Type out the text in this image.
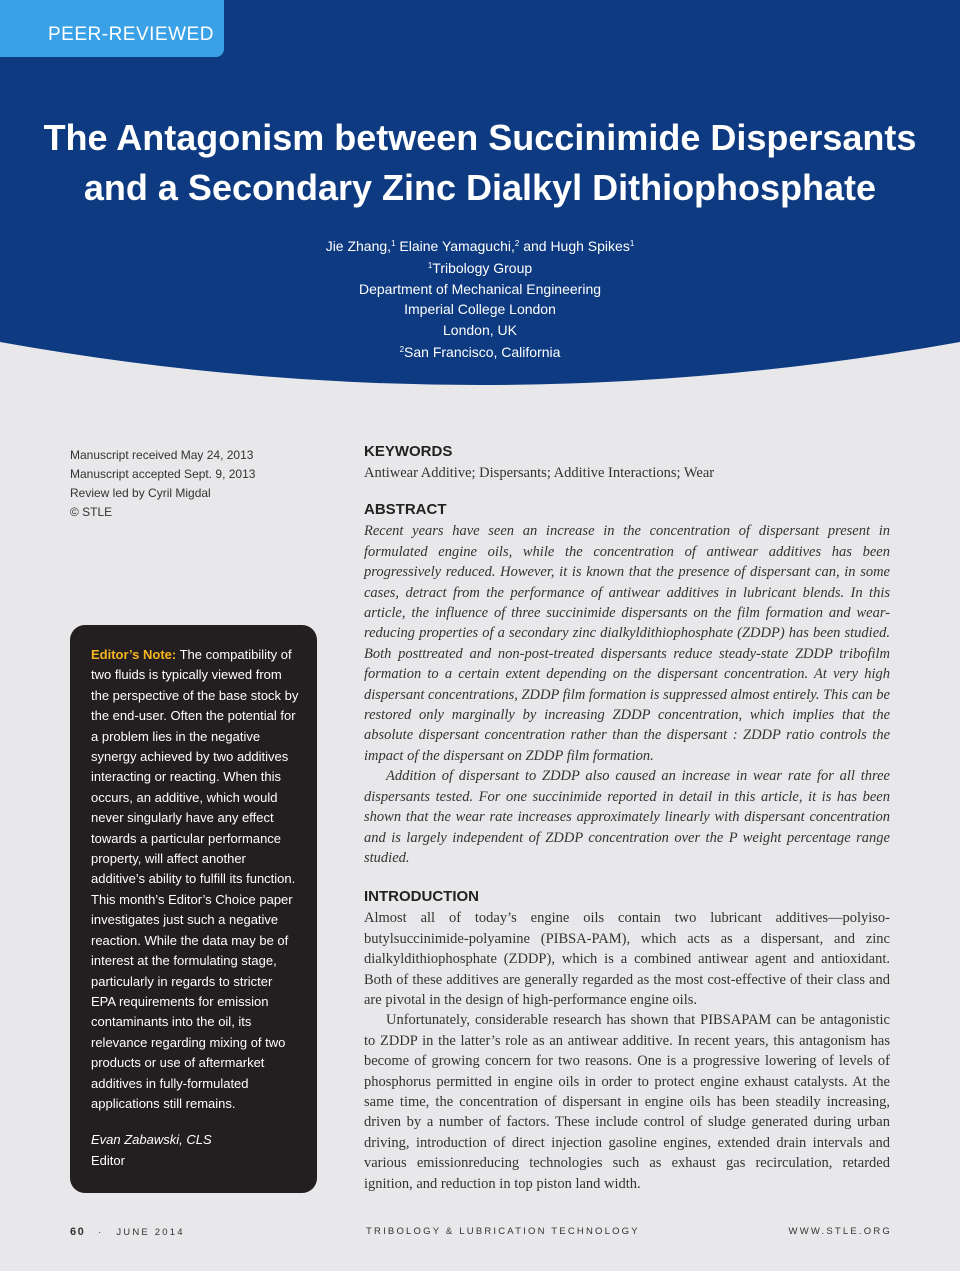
PEER-REVIEWED
The Antagonism between Succinimide Dispersants
and a Secondary Zinc Dialkyl Dithiophosphate
Jie Zhang,$^1$ Elaine Yamaguchi,$^2$ and Hugh Spikes$^1$
$^1$Tribology Group
Department of Mechanical Engineering
Imperial College London
London, UK
$^2$San Francisco, California
Manuscript received May 24, 2013
Manuscript accepted Sept. 9, 2013
Review led by Cyril Migdal
© STLE
Editor’s Note: The compatibility of two fluids is typically viewed from the perspective of the base stock by the end-user. Often the potential for a problem lies in the negative synergy achieved by two additives interacting or reacting. When this occurs, an additive, which would never singularly have any effect towards a particular performance property, will affect another additive’s ability to fulfill its function. This month’s Editor’s Choice paper investigates just such a negative reaction. While the data may be of interest at the formulating stage, particularly in regards to stricter EPA requirements for emission contaminants into the oil, its relevance regarding mixing of two products or use of aftermarket additives in fully-formulated applications still remains.
Evan Zabawski, CLS
Editor
KEYWORDS
Antiwear Additive; Dispersants; Additive Interactions; Wear
ABSTRACT
Recent years have seen an increase in the concentration of dispersant present in formulated engine oils, while the concentration of antiwear additives has been progressively reduced. However, it is known that the presence of dispersant can, in some cases, detract from the performance of antiwear additives in lubricant blends. In this article, the influence of three succinimide dispersants on the film formation and wear-reducing properties of a secondary zinc dialkyldithiophosphate (ZDDP) has been studied. Both posttreated and non-post-treated dispersants reduce steady-state ZDDP tribofilm formation to a certain extent depending on the dispersant concentration. At very high dispersant concentrations, ZDDP film formation is suppressed almost entirely. This can be restored only marginally by increasing ZDDP concentration, which implies that the absolute dispersant concentration rather than the dispersant : ZDDP ratio controls the impact of the dispersant on ZDDP film formation.
Addition of dispersant to ZDDP also caused an increase in wear rate for all three dispersants tested. For one succinimide reported in detail in this article, it is has been shown that the wear rate increases approximately linearly with dispersant concentration and is largely independent of ZDDP concentration over the P weight percentage range studied.
INTRODUCTION
Almost all of today’s engine oils contain two lubricant additives—polyiso-butylsuccinimide-polyamine (PIBSA-PAM), which acts as a dispersant, and zinc dialkyldithiophosphate (ZDDP), which is a combined antiwear agent and antioxidant. Both of these additives are generally regarded as the most cost-effective of their class and are pivotal in the design of high-performance engine oils.
Unfortunately, considerable research has shown that PIBSAPAM can be antagonistic to ZDDP in the latter’s role as an antiwear additive. In recent years, this antagonism has become of growing concern for two reasons. One is a progressive lowering of levels of phosphorus permitted in engine oils in order to protect engine exhaust catalysts. At the same time, the concentration of dispersant in engine oils has been steadily increasing, driven by a number of factors. These include control of sludge generated during urban driving, introduction of direct injection gasoline engines, extended drain intervals and various emissionreducing technologies such as exhaust gas recirculation, retarded ignition, and reduction in top piston land width.
60 · JUNE 2014	TRIBOLOGY & LUBRICATION TECHNOLOGY	WWW.STLE.ORG
